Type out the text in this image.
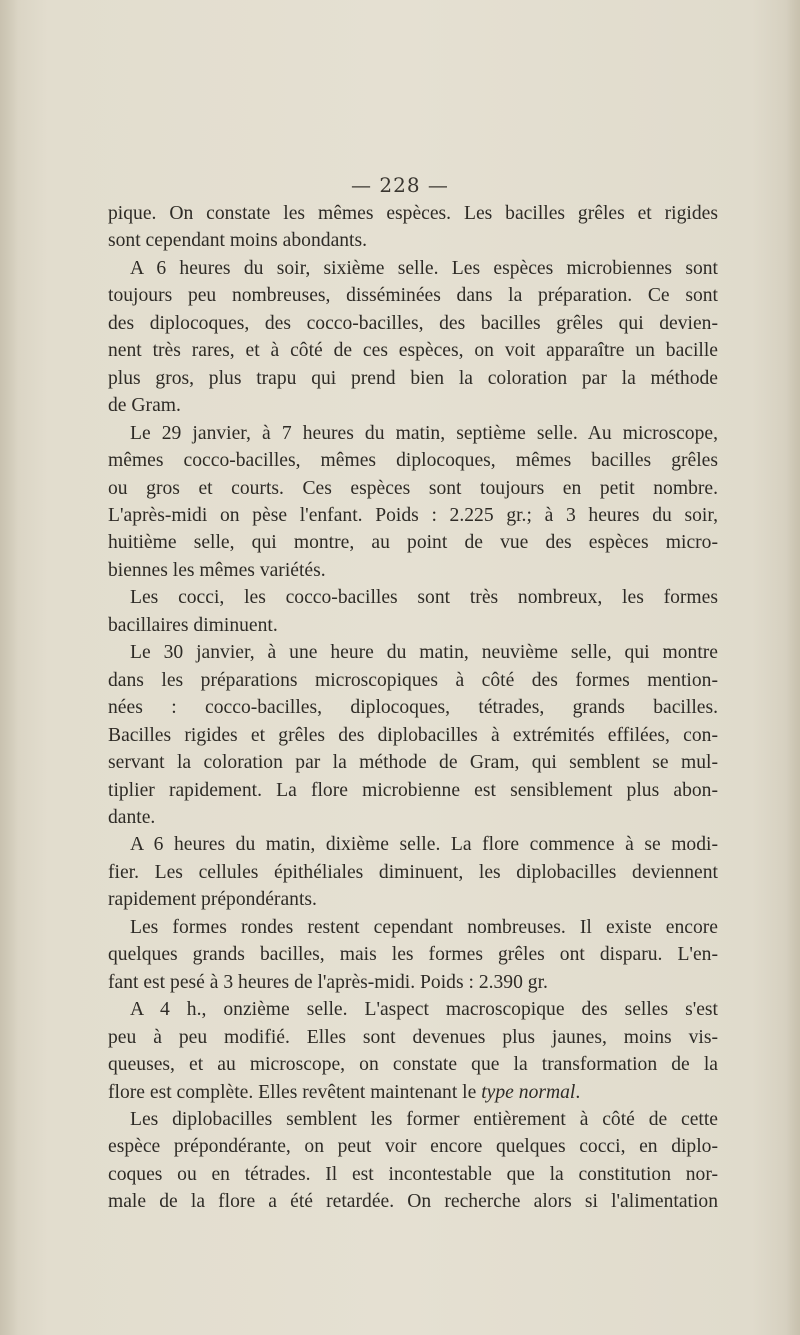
— 228 —
pique. On constate les mêmes espèces. Les bacilles grêles et rigides
sont cependant moins abondants.
A 6 heures du soir, sixième selle. Les espèces microbiennes sont
toujours peu nombreuses, disséminées dans la préparation. Ce sont
des diplocoques, des cocco-bacilles, des bacilles grêles qui devien-
nent très rares, et à côté de ces espèces, on voit apparaître un bacille
plus gros, plus trapu qui prend bien la coloration par la méthode
de Gram.
Le 29 janvier, à 7 heures du matin, septième selle. Au microscope,
mêmes cocco-bacilles, mêmes diplocoques, mêmes bacilles grêles
ou gros et courts. Ces espèces sont toujours en petit nombre.
L'après-midi on pèse l'enfant. Poids : 2.225 gr.; à 3 heures du soir,
huitième selle, qui montre, au point de vue des espèces micro-
biennes les mêmes variétés.
Les cocci, les cocco-bacilles sont très nombreux, les formes
bacillaires diminuent.
Le 30 janvier, à une heure du matin, neuvième selle, qui montre
dans les préparations microscopiques à côté des formes mention-
nées : cocco-bacilles, diplocoques, tétrades, grands bacilles.
Bacilles rigides et grêles des diplobacilles à extrémités effilées, con-
servant la coloration par la méthode de Gram, qui semblent se mul-
tiplier rapidement. La flore microbienne est sensiblement plus abon-
dante.
A 6 heures du matin, dixième selle. La flore commence à se modi-
fier. Les cellules épithéliales diminuent, les diplobacilles deviennent
rapidement prépondérants.
Les formes rondes restent cependant nombreuses. Il existe encore
quelques grands bacilles, mais les formes grêles ont disparu. L'en-
fant est pesé à 3 heures de l'après-midi. Poids : 2.390 gr.
A 4 h., onzième selle. L'aspect macroscopique des selles s'est
peu à peu modifié. Elles sont devenues plus jaunes, moins vis-
queuses, et au microscope, on constate que la transformation de la
flore est complète. Elles revêtent maintenant le type normal.
Les diplobacilles semblent les former entièrement à côté de cette
espèce prépondérante, on peut voir encore quelques cocci, en diplo-
coques ou en tétrades. Il est incontestable que la constitution nor-
male de la flore a été retardée. On recherche alors si l'alimentation
